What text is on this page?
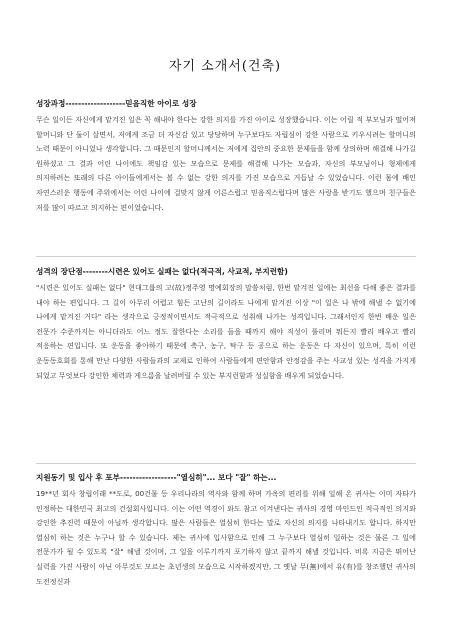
자기 소개서(건축)

성장과정-------------------믿음직한 아이로 성장

무슨 일이든 자신에게 맡겨진 일은 꼭 해내야 한다는 강한 의지를 가진 아이로 성장했습니다. 이는 어릴 적 부모님과 떨어져 할머니와 단 둘이 살면서, 저에게 조금 더 자신감 있고 당당하며 누구보다도 자립심이 강한 사람으로 키우시려는 할머니의 노력 때문이 아니었나 생각합니다. 그 때문인지 할머니께서는 저에게 집안의 중요한 문제들을 함께 상의하며 해결해 나가길 원하셨고 그 결과 어린 나이에도 책임감 있는 모습으로 문제를 해결해 나가는 모습과, 자신의 부모님이나 형제에게 의지하려는 또래의 다른 아이들에게서는 볼 수 없는 강한 의지를 가진 모습으로 거듭날 수 있었습니다. 이런 몸에 배인 자연스러운 행동에 주위에서는 어린 나이에 걸맞지 않게 어른스럽고 믿음직스럽다며 많은 사랑을 받기도 했으며 친구들은 저를 많이 따르고 의지하는 편이었습니다.

성격의 장단점--------시련은 있어도 실패는 없다(적극적, 사교적, 부지런함)

"시련은 있어도 실패는 없다" 현대그룹의 고(故)정주영 명예회장의 말씀처럼, 한번 맡겨진 일에는 최선을 다해 좋은 결과를 내야 하는 편입니다. 그 길이 아무리 어렵고 힘든 고난의 길이라도 나에게 맡겨진 이상 "이 일은 나 밖에 해낼 수 없기에 나에게 맡겨진 거다" 라는 생각으로 긍정적이면서도 적극적으로 성취해 나가는 성격입니다. 그래서인지 한번 배운 일은 전문가 수준까지는 아니더라도 어느 정도 잘한다는 소리를 들을 때까지 해야 직성이 풀리며 뭐든지 빨리 배우고 빨리 적응하는 편입니다. 또 운동을 좋아하기 때문에 축구, 농구, 탁구 등 공으로 하는 운동은 다 자신이 있으며, 특히 이런 운동동호회를 통해 만난 다양한 사람들과의 교제로 인하여 사람들에게 편안함과 안정감을 주는 사교성 있는 성격을 가지게 되었고 무엇보다 강인한 체력과 게으름을 날려버릴 수 있는 부지런함과 성실함을 배우게 되었습니다.

지원동기 및 입사 후 포부------------------"열심히"... 보다 "잘" 하는...

19**년 회사 창립이래 **도로, 00건물 등 우리나라의 역사와 함께 하며 가옥의 편리를 위해 일해 온 귀사는 이미 자타가 인정하는 대한민국 최고의 건설회사입니다. 이는 어떤 역경이 와도 참고 이겨낸다는 귀사의 경영 마인드인 적극적인 의지와 강인한 추진력 때문이 아닐까 생각합니다. 많은 사람들은 열심히 한다는 말로 자신의 의지를 나타내기도 합니다. 하지만 열심히 하는 것은 누구나 할 수 있습니다. 제는 귀사에 입사함으로 인해 그 누구보다 열심히 일하는 것은 물론 그 일에 전문가가 될 수 있도록 "잘" 해낼 것이며, 그 일을 이루기까지 포기하지 않고 끝까지 해낼 것입니다. 비록 지금은 뛰어난 실력을 가진 사람이 아닌 아무것도 모르는 초년생의 모습으로 시작하겠지만, 그 옛날 무(無)에서 유(有)를 창조했던 귀사의 도전정신과
